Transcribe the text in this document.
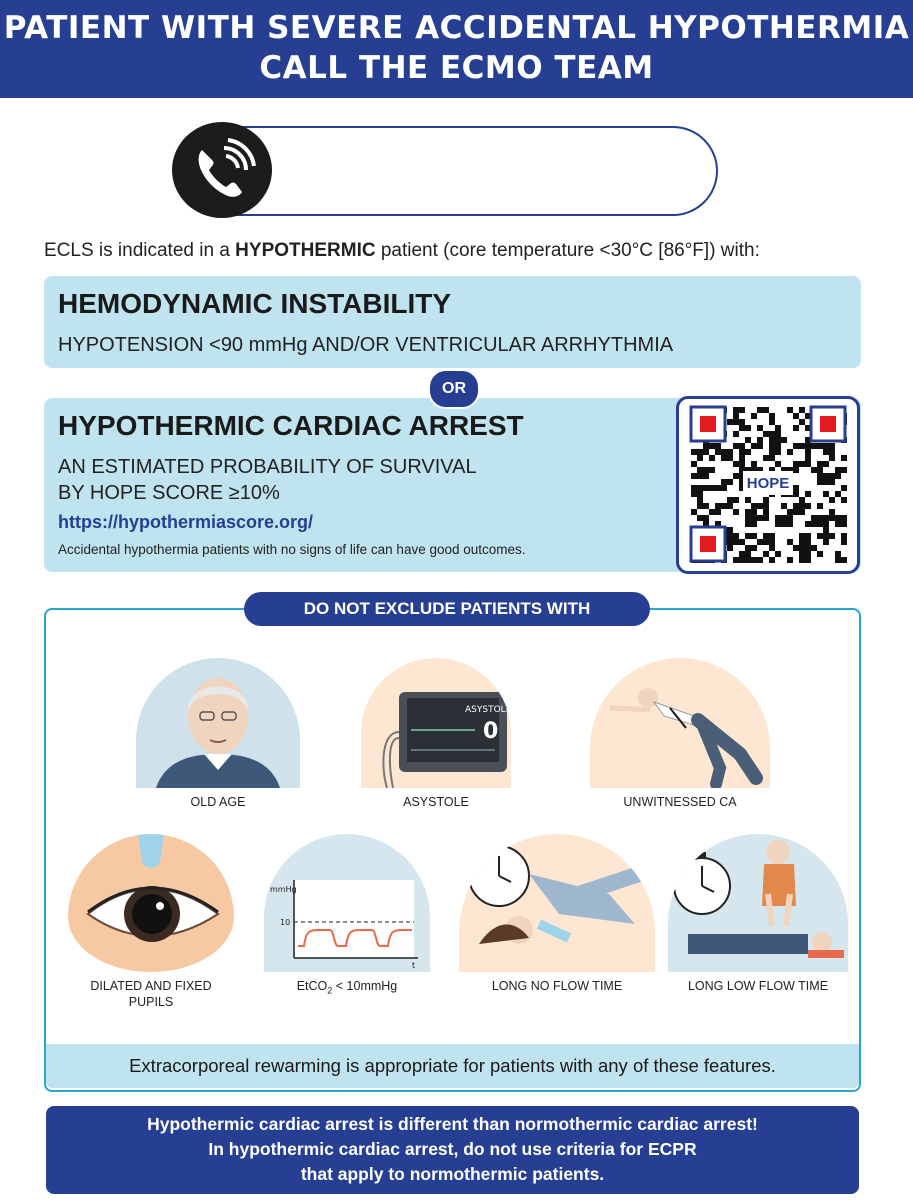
PATIENT WITH SEVERE ACCIDENTAL HYPOTHERMIA
CALL THE ECMO TEAM
ECLS is indicated in a HYPOTHERMIC patient (core temperature <30°C [86°F]) with:
HEMODYNAMIC INSTABILITY
HYPOTENSION <90 mmHg AND/OR VENTRICULAR ARRHYTHMIA
OR
HYPOTHERMIC CARDIAC ARREST
AN ESTIMATED PROBABILITY OF SURVIVAL
BY HOPE SCORE ≥10%
https://hypothermiascore.org/
Accidental hypothermia patients with no signs of life can have good outcomes.
HOPE
DO NOT EXCLUDE PATIENTS WITH
OLD AGE
ASYSTOLE
0
ASYSTOLE	UNWITNESSED CA
DILATED AND FIXED
PUPILS
mmHg
10
t
EtCO$_2$ < 10mmHg	LONG NO FLOW TIME	LONG LOW FLOW TIME
Extracorporeal rewarming is appropriate for patients with any of these features.
Hypothermic cardiac arrest is different than normothermic cardiac arrest!
In hypothermic cardiac arrest, do not use criteria for ECPR
that apply to normothermic patients.
